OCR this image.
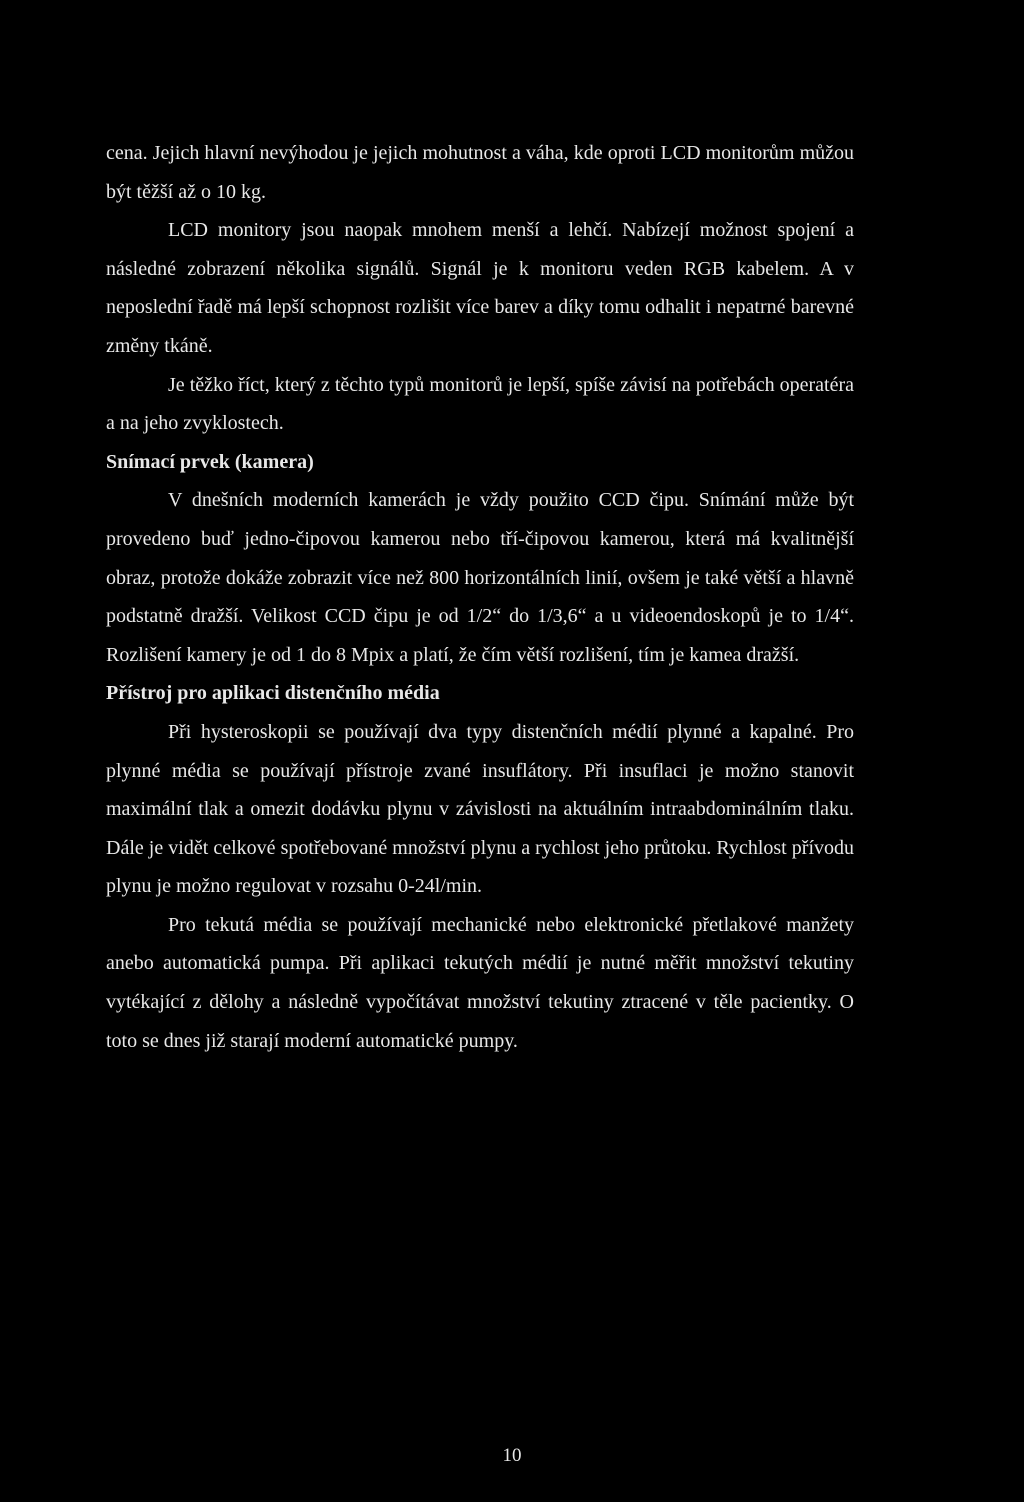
cena. Jejich hlavní nevýhodou je jejich mohutnost a váha, kde oproti LCD monitorům můžou být těžší až o 10 kg.

LCD monitory jsou naopak mnohem menší a lehčí. Nabízejí možnost spojení a následné zobrazení několika signálů. Signál je k monitoru veden RGB kabelem. A v neposlední řadě má lepší schopnost rozlišit více barev a díky tomu odhalit i nepatrné barevné změny tkáně.

Je těžko říct, který z těchto typů monitorů je lepší, spíše závisí na potřebách operatéra a na jeho zvyklostech.

Snímací prvek (kamera)

V dnešních moderních kamerách je vždy použito CCD čipu. Snímání může být provedeno buď jedno-čipovou kamerou nebo tří-čipovou kamerou, která má kvalitnější obraz, protože dokáže zobrazit více než 800 horizontálních linií, ovšem je také větší a hlavně podstatně dražší. Velikost CCD čipu je od 1/2“ do 1/3,6“ a u videoendoskopů je to 1/4“. Rozlišení kamery je od 1 do 8 Mpix a platí, že čím větší rozlišení, tím je kamea dražší.

Přístroj pro aplikaci distenčního média

Při hysteroskopii se používají dva typy distenčních médií plynné a kapalné. Pro plynné média se používají přístroje zvané insuflátory. Při insuflaci je možno stanovit maximální tlak a omezit dodávku plynu v závislosti na aktuálním intraabdominálním tlaku. Dále je vidět celkové spotřebované množství plynu a rychlost jeho průtoku. Rychlost přívodu plynu je možno regulovat v rozsahu 0-24l/min.

Pro tekutá média se používají mechanické nebo elektronické přetlakové manžety anebo automatická pumpa. Při aplikaci tekutých médií je nutné měřit množství tekutiny vytékající z dělohy a následně vypočítávat množství tekutiny ztracené v těle pacientky. O toto se dnes již starají moderní automatické pumpy.

10
